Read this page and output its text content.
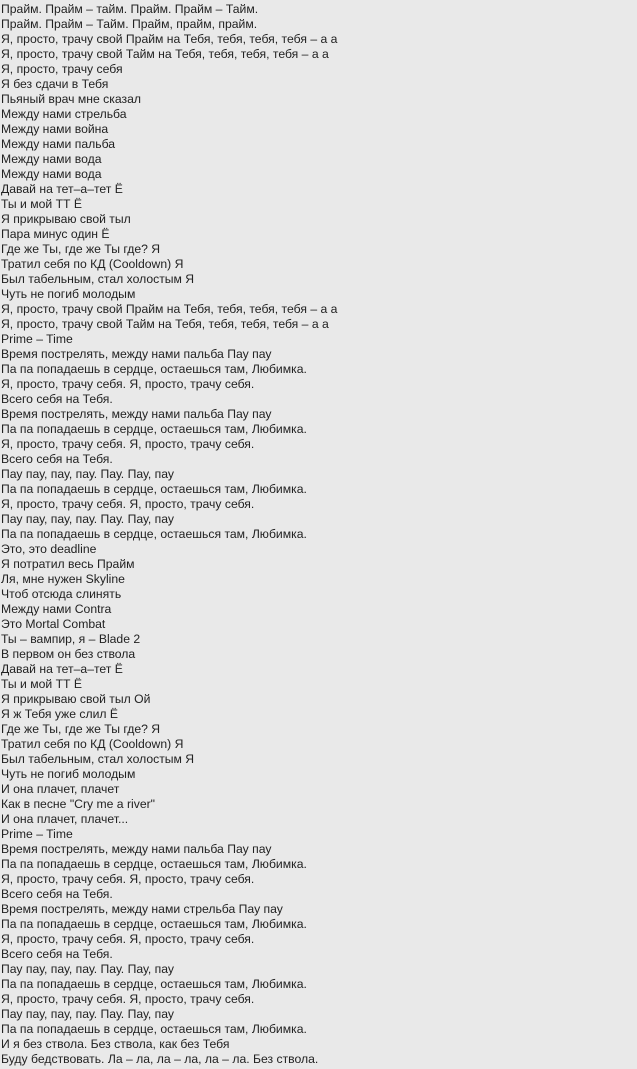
Прайм. Прайм – тайм. Прайм. Прайм – Тайм.
Прайм. Прайм – Тайм. Прайм, прайм, прайм.
Я, просто, трачу свой Прайм на Тебя, тебя, тебя, тебя – а а
Я, просто, трачу свой Тайм на Тебя, тебя, тебя, тебя – а а
Я, просто, трачу себя
Я без сдачи в Тебя
Пьяный врач мне сказал
Между нами стрельба
Между нами война
Между нами пальба
Между нами вода
Между нами вода
Давай на тет–а–тет Ё
Ты и мой ТТ Ё
Я прикрываю свой тыл
Пара минус один Ё
Где же Ты, где же Ты где? Я
Тратил себя по КД (Cooldown) Я
Был табельным, стал холостым Я
Чуть не погиб молодым
Я, просто, трачу свой Прайм на Тебя, тебя, тебя, тебя – а а
Я, просто, трачу свой Тайм на Тебя, тебя, тебя, тебя – а а
Prime – Time
Время пострелять, между нами пальба Пау пау
Па па попадаешь в сердце, остаешься там, Любимка.
Я, просто, трачу себя. Я, просто, трачу себя.
Всего себя на Тебя.
Время пострелять, между нами пальба Пау пау
Па па попадаешь в сердце, остаешься там, Любимка.
Я, просто, трачу себя. Я, просто, трачу себя.
Всего себя на Тебя.
Пау пау, пау, пау. Пау. Пау, пау
Па па попадаешь в сердце, остаешься там, Любимка.
Я, просто, трачу себя. Я, просто, трачу себя.
Пау пау, пау, пау. Пау. Пау, пау
Па па попадаешь в сердце, остаешься там, Любимка.
Это, это deadline
Я потратил весь Прайм
Ля, мне нужен Skyline
Чтоб отсюда слинять
Между нами Contra
Это Mortal Combat
Ты – вампир, я – Blade 2
В первом он без ствола
Давай на тет–а–тет Ё
Ты и мой ТТ Ё
Я прикрываю свой тыл Ой
Я ж Тебя уже слил Ё
Где же Ты, где же Ты где? Я
Тратил себя по КД (Cooldown) Я
Был табельным, стал холостым Я
Чуть не погиб молодым
И она плачет, плачет
Как в песне "Cry me a river"
И она плачет, плачет...
Prime – Time
Время пострелять, между нами пальба Пау пау
Па па попадаешь в сердце, остаешься там, Любимка.
Я, просто, трачу себя. Я, просто, трачу себя.
Всего себя на Тебя.
Время пострелять, между нами стрельба Пау пау
Па па попадаешь в сердце, остаешься там, Любимка.
Я, просто, трачу себя. Я, просто, трачу себя.
Всего себя на Тебя.
Пау пау, пау, пау. Пау. Пау, пау
Па па попадаешь в сердце, остаешься там, Любимка.
Я, просто, трачу себя. Я, просто, трачу себя.
Пау пау, пау, пау. Пау. Пау, пау
Па па попадаешь в сердце, остаешься там, Любимка.
И я без ствола. Без ствола, как без Тебя
Буду бедствовать. Ла – ла, ла – ла, ла – ла. Без ствола.
